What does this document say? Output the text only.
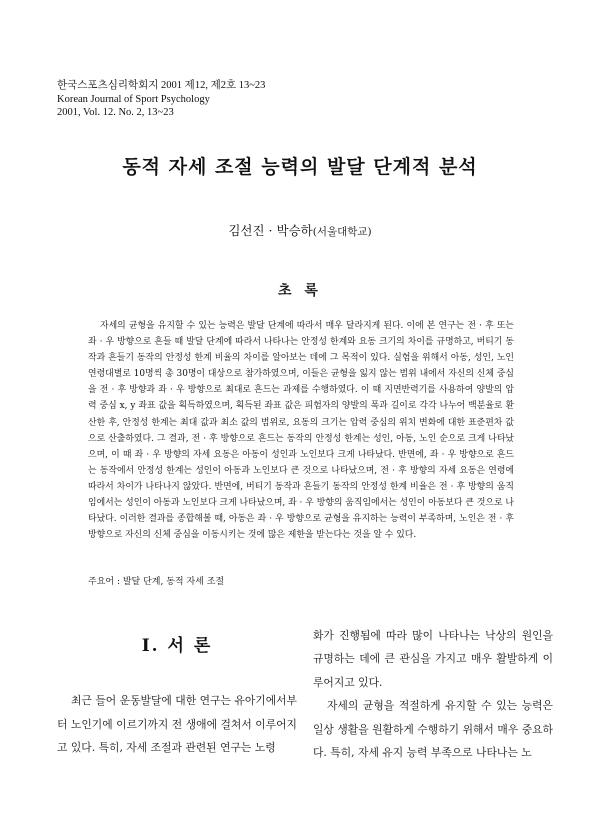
한국스포츠심리학회지 2001 제12, 제2호 13~23
Korean Journal of Sport Psychology
2001, Vol. 12. No. 2, 13~23
동적 자세 조절 능력의 발달 단계적 분석
김선진 · 박승하(서울대학교)
초 록

자세의 균형을 유지할 수 있는 능력은 발달 단계에 따라서 매우 달라지게 된다. 이에 본 연구는 전 · 후 또는 좌 · 우 방향으로 흔들 때 발달 단계에 따라서 나타나는 안정성 한계와 요동 크기의 차이를 규명하고, 버티기 동작과 흔들기 동작의 안정성 한계 비율의 차이를 알아보는 데에 그 목적이 있다. 실험을 위해서 아동, 성인, 노인 연령대별로 10명씩 총 30명이 대상으로 참가하였으며, 이들은 균형을 잃지 않는 범위 내에서 자신의 신체 중심을 전 · 후 방향과 좌 · 우 방향으로 최대로 흔드는 과제를 수행하였다. 이 때 지면반력기를 사용하여 양발의 압력 중심 x, y 좌표 값을 획득하였으며, 획득된 좌표 값은 피험자의 양발의 폭과 길이로 각각 나누어 백분율로 환산한 후, 안정성 한계는 최대 값과 최소 값의 범위로, 요동의 크기는 압력 중심의 위치 변화에 대한 표준편차 값으로 산출하였다. 그 결과, 전 · 후 방향으로 흔드는 동작의 안정성 한계는 성인, 아동, 노인 순으로 크게 나타났으며, 이 때 좌 · 우 방향의 자세 요동은 아동이 성인과 노인보다 크게 나타났다. 반면에, 좌 · 우 방향으로 흔드는 동작에서 안정성 한계는 성인이 아동과 노인보다 큰 것으로 나타났으며, 전 · 후 방향의 자세 요동은 연령에 따라서 차이가 나타나지 않았다. 반면에, 버티기 동작과 흔들기 동작의 안정성 한계 비율은 전 · 후 방향의 움직임에서는 성인이 아동과 노인보다 크게 나타났으며, 좌 · 우 방향의 움직임에서는 성인이 아동보다 큰 것으로 나타났다. 이러한 결과를 종합해볼 때, 아동은 좌 · 우 방향으로 균형을 유지하는 능력이 부족하며, 노인은 전 · 후 방향으로 자신의 신체 중심을 이동시키는 것에 많은 제한을 받는다는 것을 알 수 있다.

주요어 : 발달 단계, 동적 자세 조절
Ⅰ. 서 론

최근 들어 운동발달에 대한 연구는 유아기에서부터 노인기에 이르기까지 전 생애에 걸쳐서 이루어지고 있다. 특히, 자세 조절과 관련된 연구는 노령

화가 진행됨에 따라 많이 나타나는 낙상의 원인을 규명하는 데에 큰 관심을 가지고 매우 활발하게 이루어지고 있다.

자세의 균형을 적절하게 유지할 수 있는 능력은 일상 생활을 원활하게 수행하기 위해서 매우 중요하다. 특히, 자세 유지 능력 부족으로 나타나는 노
